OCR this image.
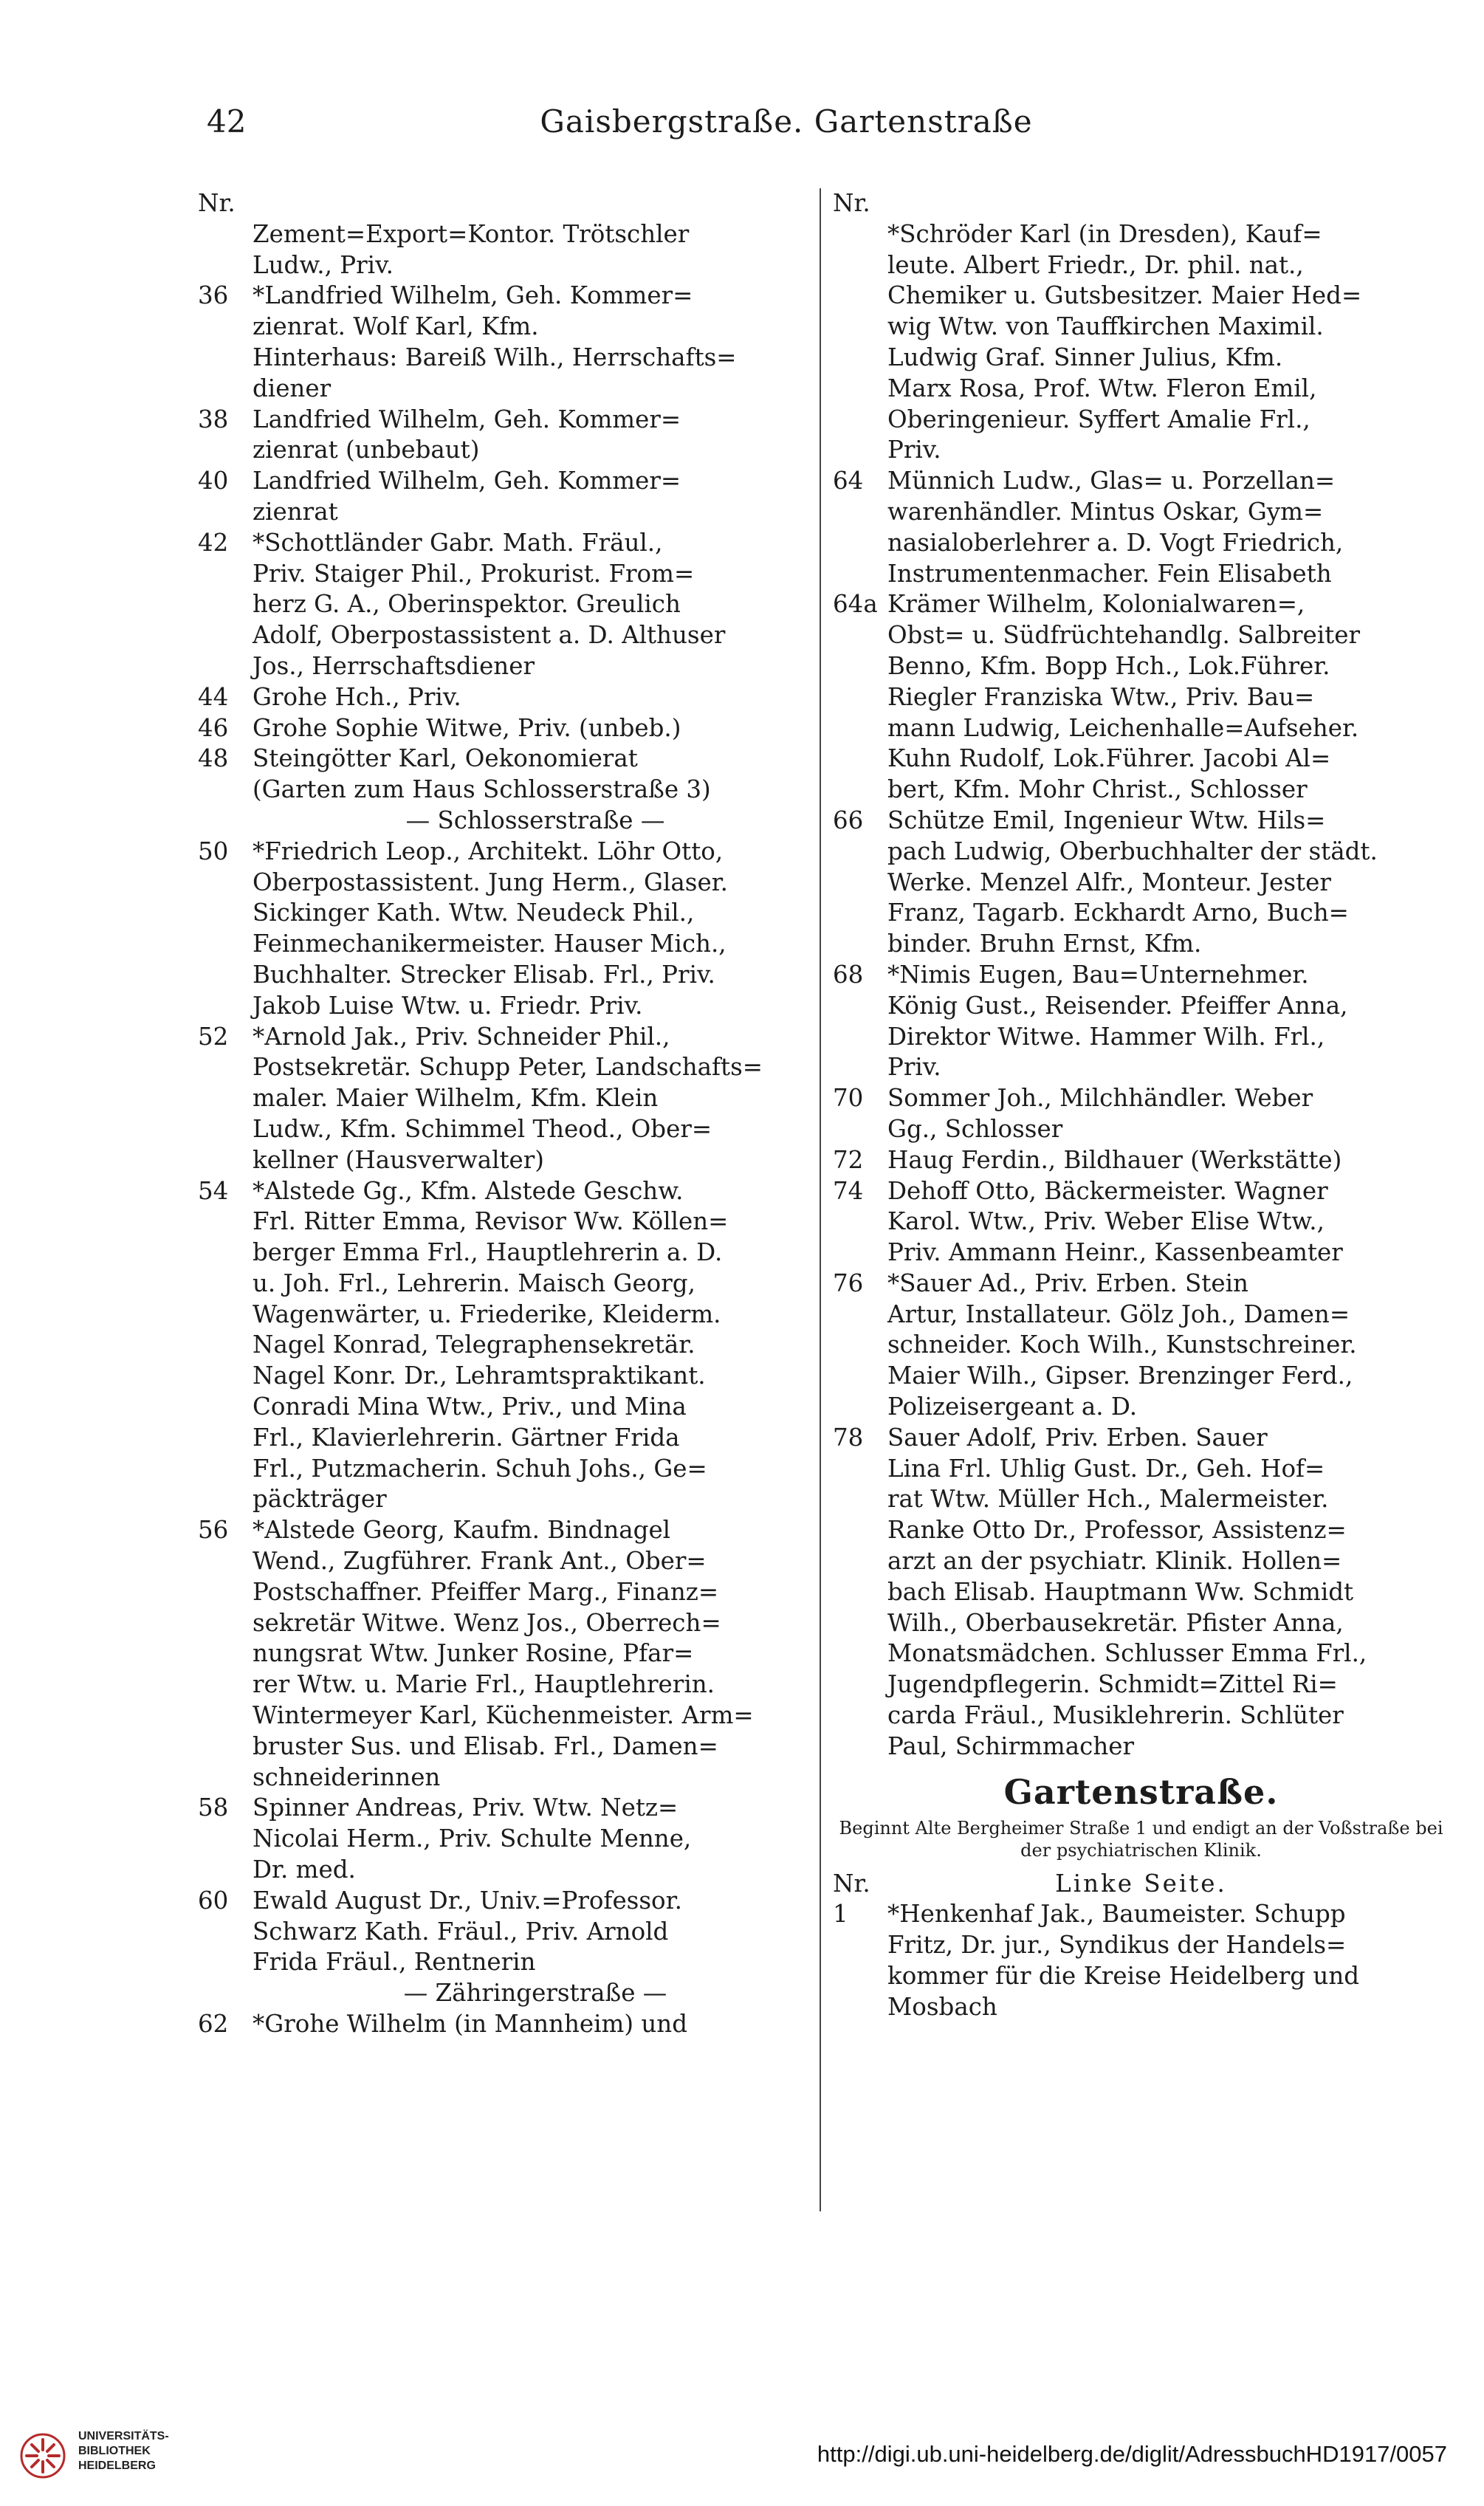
42	Gaisbergstraße. Gartenstraße
Nr.
Zement=Export=Kontor. Trötschler
Ludw., Priv.
36	*Landfried Wilhelm, Geh. Kommer=
zienrat. Wolf Karl, Kfm.
Hinterhaus: Bareiß Wilh., Herrschafts=
diener
38	Landfried Wilhelm, Geh. Kommer=
zienrat (unbebaut)
40	Landfried Wilhelm, Geh. Kommer=
zienrat
42	*Schottländer Gabr. Math. Fräul.,
Priv. Staiger Phil., Prokurist. From=
herz G. A., Oberinspektor. Greulich
Adolf, Oberpostassistent a. D. Althuser
Jos., Herrschaftsdiener
44	Grohe Hch., Priv.
46	Grohe Sophie Witwe, Priv. (unbeb.)
48	Steingötter Karl, Oekonomierat
(Garten zum Haus Schlosserstraße 3)
— Schlosserstraße —
50	*Friedrich Leop., Architekt. Löhr Otto,
Oberpostassistent. Jung Herm., Glaser.
Sickinger Kath. Wtw. Neudeck Phil.,
Feinmechanikermeister. Hauser Mich.,
Buchhalter. Strecker Elisab. Frl., Priv.
Jakob Luise Wtw. u. Friedr. Priv.
52	*Arnold Jak., Priv. Schneider Phil.,
Postsekretär. Schupp Peter, Landschafts=
maler. Maier Wilhelm, Kfm. Klein
Ludw., Kfm. Schimmel Theod., Ober=
kellner (Hausverwalter)
54	*Alstede Gg., Kfm. Alstede Geschw.
Frl. Ritter Emma, Revisor Ww. Köllen=
berger Emma Frl., Hauptlehrerin a. D.
u. Joh. Frl., Lehrerin. Maisch Georg,
Wagenwärter, u. Friederike, Kleiderm.
Nagel Konrad, Telegraphensekretär.
Nagel Konr. Dr., Lehramtspraktikant.
Conradi Mina Wtw., Priv., und Mina
Frl., Klavierlehrerin. Gärtner Frida
Frl., Putzmacherin. Schuh Johs., Ge=
päckträger
56	*Alstede Georg, Kaufm. Bindnagel
Wend., Zugführer. Frank Ant., Ober=
Postschaffner. Pfeiffer Marg., Finanz=
sekretär Witwe. Wenz Jos., Oberrech=
nungsrat Wtw. Junker Rosine, Pfar=
rer Wtw. u. Marie Frl., Hauptlehrerin.
Wintermeyer Karl, Küchenmeister. Arm=
bruster Sus. und Elisab. Frl., Damen=
schneiderinnen
58	Spinner Andreas, Priv. Wtw. Netz=
Nicolai Herm., Priv. Schulte Menne,
Dr. med.
60	Ewald August Dr., Univ.=Professor.
Schwarz Kath. Fräul., Priv. Arnold
Frida Fräul., Rentnerin
— Zähringerstraße —
62	*Grohe Wilhelm (in Mannheim) und
Nr.
*Schröder Karl (in Dresden), Kauf=
leute. Albert Friedr., Dr. phil. nat.,
Chemiker u. Gutsbesitzer. Maier Hed=
wig Wtw. von Tauffkirchen Maximil.
Ludwig Graf. Sinner Julius, Kfm.
Marx Rosa, Prof. Wtw. Fleron Emil,
Oberingenieur. Syffert Amalie Frl.,
Priv.
64	Münnich Ludw., Glas= u. Porzellan=
warenhändler. Mintus Oskar, Gym=
nasialoberlehrer a. D. Vogt Friedrich,
Instrumentenmacher. Fein Elisabeth
64a Krämer Wilhelm, Kolonialwaren=,
Obst= u. Südfrüchtehandlg. Salbreiter
Benno, Kfm. Bopp Hch., Lok.Führer.
Riegler Franziska Wtw., Priv. Bau=
mann Ludwig, Leichenhalle=Aufseher.
Kuhn Rudolf, Lok.Führer. Jacobi Al=
bert, Kfm. Mohr Christ., Schlosser
66	Schütze Emil, Ingenieur Wtw. Hils=
pach Ludwig, Oberbuchhalter der städt.
Werke. Menzel Alfr., Monteur. Jester
Franz, Tagarb. Eckhardt Arno, Buch=
binder. Bruhn Ernst, Kfm.
68	*Nimis Eugen, Bau=Unternehmer.
König Gust., Reisender. Pfeiffer Anna,
Direktor Witwe. Hammer Wilh. Frl.,
Priv.
70	Sommer Joh., Milchhändler. Weber
Gg., Schlosser
72	Haug Ferdin., Bildhauer (Werkstätte)
74	Dehoff Otto, Bäckermeister. Wagner
Karol. Wtw., Priv. Weber Elise Wtw.,
Priv. Ammann Heinr., Kassenbeamter
76	*Sauer Ad., Priv. Erben. Stein
Artur, Installateur. Gölz Joh., Damen=
schneider. Koch Wilh., Kunstschreiner.
Maier Wilh., Gipser. Brenzinger Ferd.,
Polizeisergeant a. D.
78	Sauer Adolf, Priv. Erben. Sauer
Lina Frl. Uhlig Gust. Dr., Geh. Hof=
rat Wtw. Müller Hch., Malermeister.
Ranke Otto Dr., Professor, Assistenz=
arzt an der psychiatr. Klinik. Hollen=
bach Elisab. Hauptmann Ww. Schmidt
Wilh., Oberbausekretär. Pfister Anna,
Monatsmädchen. Schlusser Emma Frl.,
Jugendpflegerin. Schmidt=Zittel Ri=
carda Fräul., Musiklehrerin. Schlüter
Paul, Schirmmacher
Gartenstraße.
Beginnt Alte Bergheimer Straße 1 und endigt an der Voßstraße bei der psychiatrischen Klinik.
Nr.	Linke Seite.
1	*Henkenhaf Jak., Baumeister. Schupp
Fritz, Dr. jur., Syndikus der Handels=
kommer für die Kreise Heidelberg und
Mosbach
UNIVERSITÄTS-
BIBLIOTHEK
HEIDELBERG	http://digi.ub.uni-heidelberg.de/diglit/AdressbuchHD1917/0057
